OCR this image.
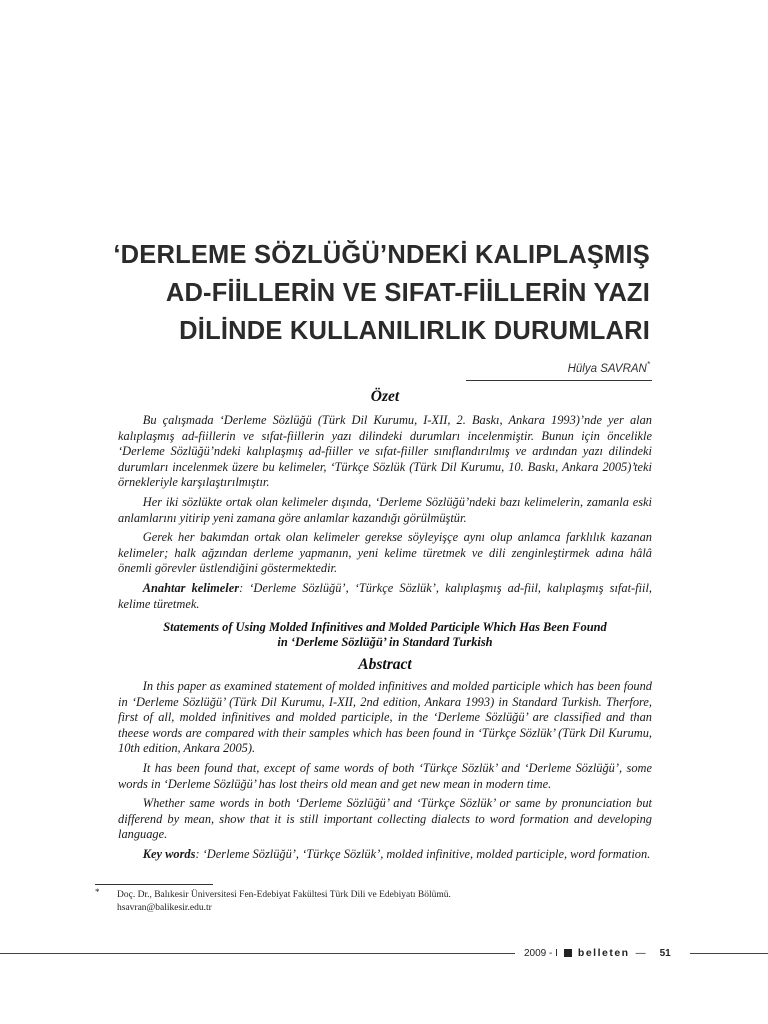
‘DERLEME SÖZLÜĞÜ’NDEKİ KALIPLAŞMIŞ
AD-FİİLLERİN VE SIFAT-FİİLLERİN YAZI
DİLİNDE KULLANILIRLIK DURUMLARI
Hülya SAVRAN*
Özet

  Bu çalışmada ‘Derleme Sözlüğü (Türk Dil Kurumu, I-XII, 2. Baskı, Ankara 1993)’nde yer alan kalıplaşmış ad-fiillerin ve sıfat-fiillerin yazı dilindeki durumları incelenmiştir. Bunun için öncelikle ‘Derleme Sözlüğü’ndeki kalıplaşmış ad-fiiller ve sıfat-fiiller sınıflandırılmış ve ardından yazı dilindeki durumları incelenmek üzere bu kelimeler, ‘Türkçe Sözlük (Türk Dil Kurumu, 10. Baskı, Ankara 2005)’teki örnekleriyle karşılaştırılmıştır.

  Her iki sözlükte ortak olan kelimeler dışında, ‘Derleme Sözlüğü’ndeki bazı kelimelerin, zamanla eski anlamlarını yitirip yeni zamana göre anlamlar kazandığı görülmüştür.

  Gerek her bakımdan ortak olan kelimeler gerekse söyleyişçe aynı olup anlamca farklılık kazanan kelimeler; halk ağzından derleme yapmanın, yeni kelime türetmek ve dili zenginleştirmek adına hâlâ önemli görevler üstlendiğini göstermektedir.

  Anahtar kelimeler: ‘Derleme Sözlüğü’, ‘Türkçe Sözlük’, kalıplaşmış ad-fiil, kalıplaşmış sıfat-fiil, kelime türetmek.

Statements of Using Molded Infinitives and Molded Participle Which Has Been Found
in ‘Derleme Sözlüğü’ in Standard Turkish
Abstract

  In this paper as examined statement of molded infinitives and molded participle which has been found in ‘Derleme Sözlüğü’ (Türk Dil Kurumu, I-XII, 2nd edition, Ankara 1993) in Standard Turkish. Therfore, first of all, molded infinitives and molded participle, in the ‘Derleme Sözlüğü’ are classified and than theese words are compared with their samples which has been found in ‘Türkçe Sözlük’ (Türk Dil Kurumu, 10th edition, Ankara 2005).

  It has been found that, except of same words of both ‘Türkçe Sözlük’ and ‘Derleme Sözlüğü’, some words in ‘Derleme Sözlüğü’ has lost theirs old mean and get new mean in modern time.

  Whether same words in both ‘Derleme Sözlüğü’ and ‘Türkçe Sözlük’ or same by pronunciation but differend by mean, show that it is still important collecting dialects to word formation and developing language.

  Key words: ‘Derleme Sözlüğü’, ‘Türkçe Sözlük’, molded infinitive, molded participle, word formation.

* Doç. Dr., Balıkesir Üniversitesi Fen-Edebiyat Fakültesi Türk Dili ve Edebiyatı Bölümü.
hsavran@balikesir.edu.tr
2009 - I belleten — 51
